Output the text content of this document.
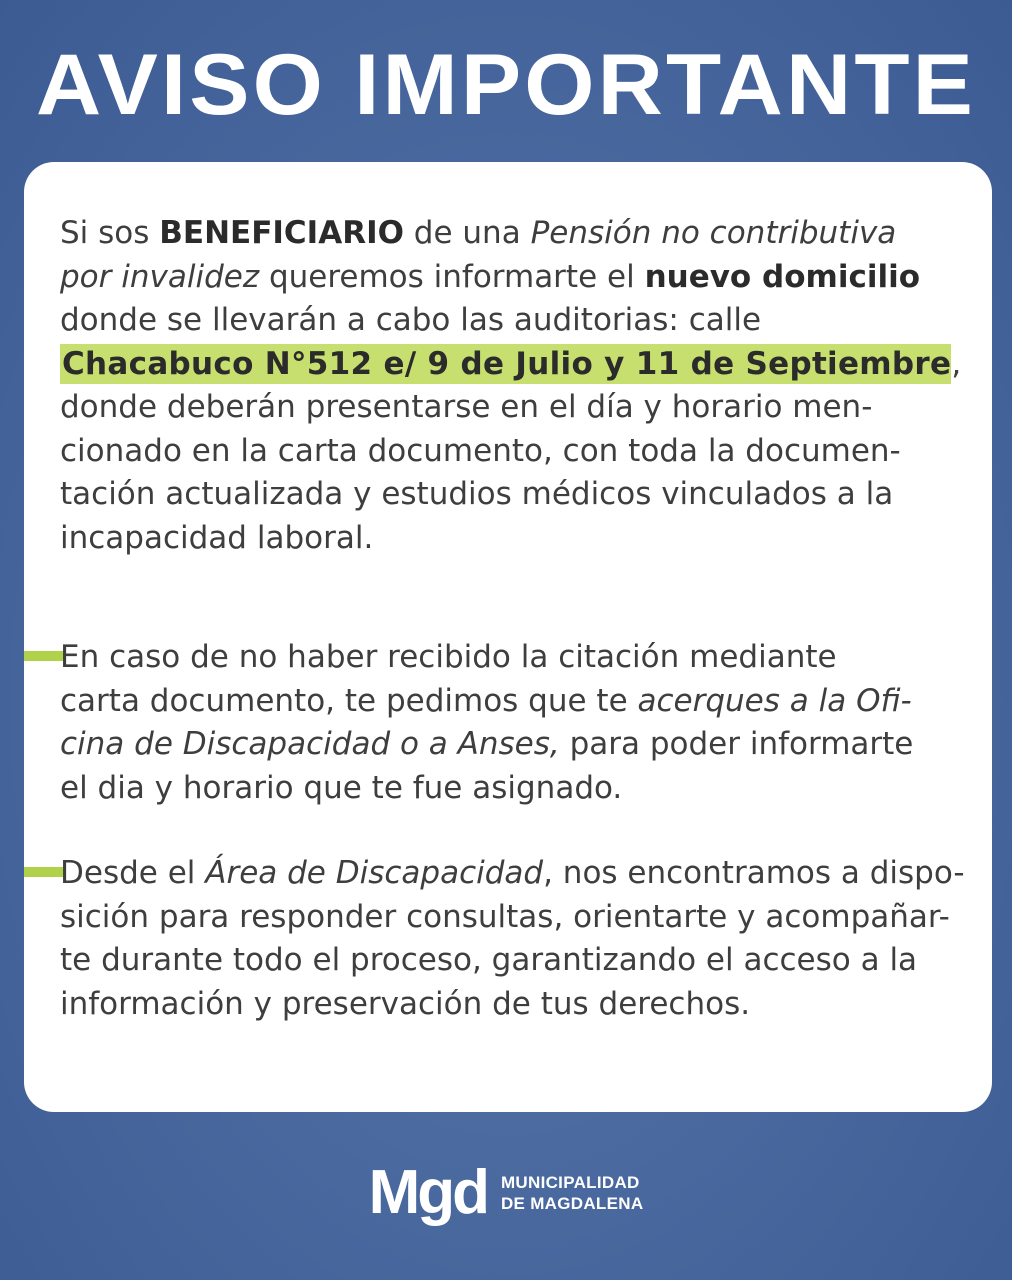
AVISO IMPORTANTE

Si sos BENEFICIARIO de una Pensión no contributiva
por invalidez queremos informarte el nuevo domicilio
donde se llevarán a cabo las auditorias: calle
Chacabuco N°512 e/ 9 de Julio y 11 de Septiembre,
donde deberán presentarse en el día y horario men-
cionado en la carta documento, con toda la documen-
tación actualizada y estudios médicos vinculados a la
incapacidad laboral.

En caso de no haber recibido la citación mediante
carta documento, te pedimos que te acerques a la Ofi-
cina de Discapacidad o a Anses, para poder informarte
el dia y horario que te fue asignado.

Desde el Área de Discapacidad, nos encontramos a dispo-
sición para responder consultas, orientarte y acompañar-
te durante todo el proceso, garantizando el acceso a la
información y preservación de tus derechos.

Mgd MUNICIPALIDAD
DE MAGDALENA
